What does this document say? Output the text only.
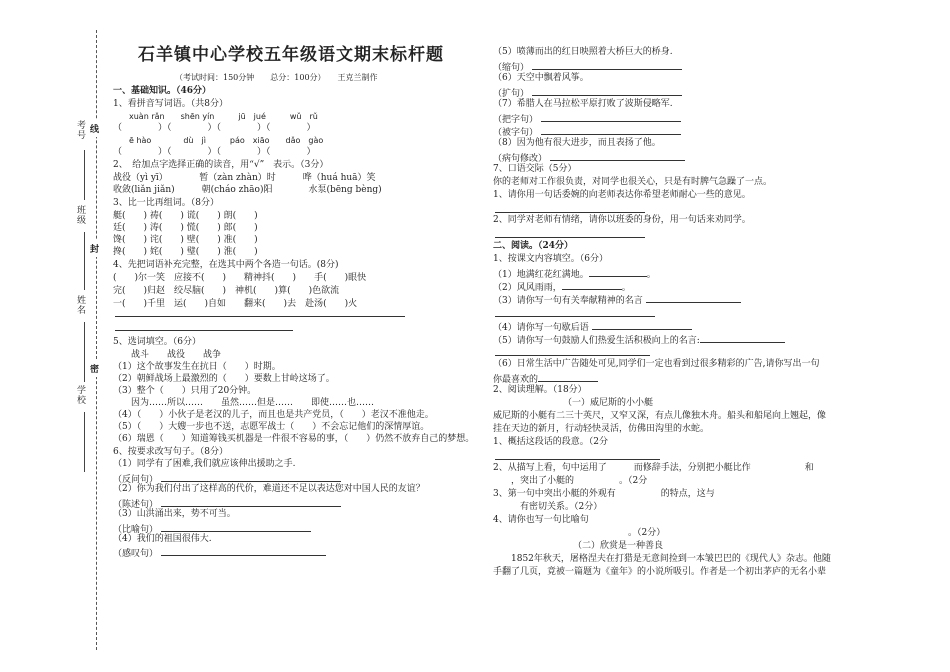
考号
班级
姓名
学校
线
封
密
石羊镇中心学校五年级语文期末标杆题
（考试时间：150分钟　　总分：100分）　　王克兰制作
一、基础知识。（46分）
1、看拼音写词语。（共8分）
　　xuàn rǎn　　shēn yín　　　jū　jué　　　wǔ　rǔ
（　　　　）（　　　　）（　　　　）（　　　　）
　　ē hào　　　　dù　jì　　　páo　xiāo　　dǎo　gào
（　　　　）（　　　　）（　　　　）（　　　　）
2、　给加点字选择正确的读音，用“√”　表示。（3分）
战役（yì yī）　　　　暂（zàn zhàn）时　　　哗（huá huā）笑
收敛(liǎn jiǎn)　　　朝(cháo zhāo)阳　　　　水泵(bēng bèng)
3、比一比再组词。（8分）
艇(　　) 祷(　　) 谎(　　) 朗(　　)
廷(　　) 涛(　　) 慌(　　) 郎(　　)
馋(　　) 诧(　　) 壁(　　) 准(　　)
搀(　　) 姹(　　) 璧(　　) 淮(　　)
4、先把词语补充完整，在选其中两个各造一句话。(8分)
(　　)尔一笑　应接不(　　)　　精神抖(　　)　　手(　　)眼快
完(　　)归赵　绞尽脑(　　)　神机(　　)算(　　)色欲流
一(　　)千里　运(　　)自如　　翻来(　　)去　赴汤(　　)火
5、选词填空。（6分）
　　战斗　　战役　　战争
（1）这个故事发生在抗日（　　）时期。
（2）朝鲜战场上最激烈的（　　）要数上甘岭这场了。
（3）整个（　　）只用了20分钟。
　　因为……所以……　　虽然……但是……　　即使……也……
（4）（　　）小伙子是老汉的儿子，而且也是共产党员，（　　）老汉不准他走。
（5）（　　）大嫂一步也不送，志愿军战士（　　）不会忘记他们的深情厚谊。
（6）瑞恩（　　）知道筹钱买机器是一件很不容易的事，（　　）仍然不放弃自己的梦想。
6、按要求改写句子。（8分）
（1）同学有了困难,我们就应该伸出援助之手.
（反问句）
（2）你为我们付出了这样高的代价，难道还不足以表达您对中国人民的友谊？
（陈述句）
（3）山洪涌出来，势不可当。
（比喻句）
（4）我们的祖国很伟大.
（感叹句）
（5）喷薄而出的红日映照着大桥巨大的桥身.
（缩句）
（6）天空中飘着风筝。
（扩句）
（7）希腊人在马拉松平原打败了波斯侵略军.
（把字句）
（被字句）
（8）因为他有很大进步，而且表扬了他。
（病句修改）
7、口语交际（5分）
你的老师对工作很负责，对同学也很关心，只是有时脾气急躁了一点。
1、请你用一句话委婉的向老师表达你希望老师耐心一些的意见。
2、同学对老师有情绪，请你以班委的身份，用一句话来劝同学。
二、阅读。（24分）
1、按课文内容填空。（6分）
（1）地满红花红满地。	。
（2）风风雨雨，	。
（3）请你写一句有关奉献精神的名言
（4）请你写一句歇后语
（5）请你写一句鼓励人们热爱生活积极向上的名言:
（6）日常生活中广告随处可见,同学们一定也看到过很多精彩的广告,请你写出一句
你最喜欢的
2、阅读理解。（18分）
（一）威尼斯的小小艇
威尼斯的小艇有二三十英尺，又窄又深，有点儿像独木舟。船头和船尾向上翘起，像
挂在天边的新月，行动轻快灵活，仿佛田沟里的水蛇。
1、概括这段话的段意。（2分
2、从描写上看，句中运用了　　　而修辞手法，分别把小艇比作　　　　　　和
　　，突出了小艇的　　　　　。（2分
3、第一句中突出小艇的外观有　　　　　的特点，这与
　　　有密切关系。（2分）
4、请你也写一句比喻句
　　　　　　　　　　　　　　　。（2分）
（二）欣赏是一种善良
　　1852年秋天，屠格涅夫在打猎是无意间捡到一本皱巴巴的《现代人》杂志。他随
手翻了几页，竟被一篇题为《童年》的小说所吸引。作者是一个初出茅庐的无名小辈
